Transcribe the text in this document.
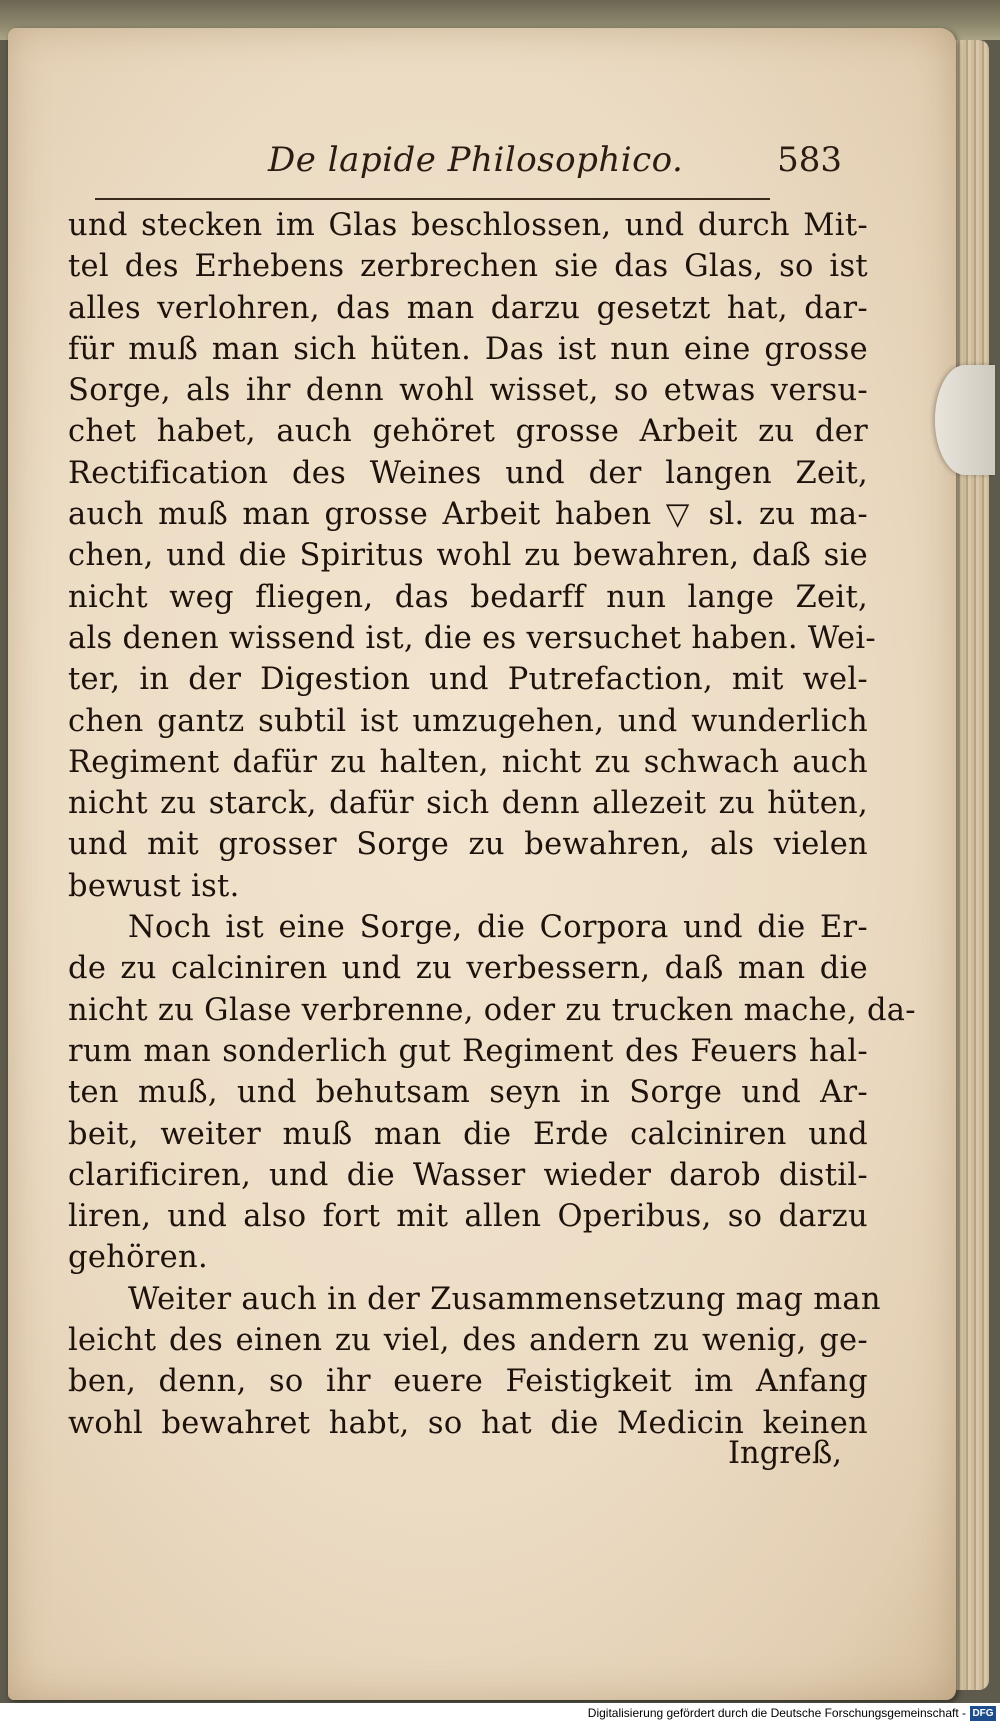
De lapide Philosophico.	583
und stecken im Glas beschlossen, und durch Mit-
tel des Erhebens zerbrechen sie das Glas, so ist
alles verlohren, das man darzu gesetzt hat, dar-
für muß man sich hüten. Das ist nun eine grosse
Sorge, als ihr denn wohl wisset, so etwas versu-
chet habet, auch gehöret grosse Arbeit zu der
Rectification des Weines und der langen Zeit,
auch muß man grosse Arbeit haben ▽ sl. zu ma-
chen, und die Spiritus wohl zu bewahren, daß sie
nicht weg fliegen, das bedarff nun lange Zeit,
als denen wissend ist, die es versuchet haben. Wei-
ter, in der Digestion und Putrefaction, mit wel-
chen gantz subtil ist umzugehen, und wunderlich
Regiment dafür zu halten, nicht zu schwach auch
nicht zu starck, dafür sich denn allezeit zu hüten,
und mit grosser Sorge zu bewahren, als vielen
bewust ist.
Noch ist eine Sorge, die Corpora und die Er-
de zu calciniren und zu verbessern, daß man die
nicht zu Glase verbrenne, oder zu trucken mache, da-
rum man sonderlich gut Regiment des Feuers hal-
ten muß, und behutsam seyn in Sorge und Ar-
beit, weiter muß man die Erde calciniren und
clarificiren, und die Wasser wieder darob distil-
liren, und also fort mit allen Operibus, so darzu
gehören.
Weiter auch in der Zusammensetzung mag man
leicht des einen zu viel, des andern zu wenig, ge-
ben, denn, so ihr euere Feistigkeit im Anfang
wohl bewahret habt, so hat die Medicin keinen
Ingreß,
Digitalisierung gefördert durch die Deutsche Forschungsgemeinschaft - DFG
